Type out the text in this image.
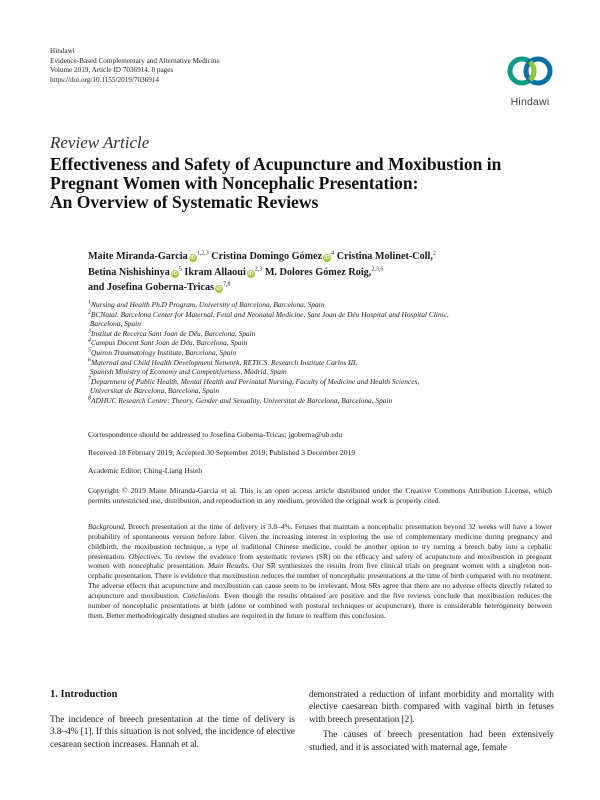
Hindawi
Evidence-Based Complementary and Alternative Medicine
Volume 2019, Article ID 7036914, 8 pages
https://doi.org/10.1155/2019/7036914
Hindawi
Review Article
Effectiveness and Safety of Acupuncture and Moxibustion in
Pregnant Women with Noncephalic Presentation:
An Overview of Systematic Reviews
Maite Miranda-Garcia iD$^{1,2,3}$ Cristina Domingo Gómez $iD^4$ Cristina Molinet-Coll,$^2$
Betina Nishishinya $iD^5$ Ikram Allaoui iD$^{2,3}$ M. Dolores Gómez Roig,$^{2,3,6}$
and Josefina Goberna-Tricas iD$^{7,8}$
$^1$Nursing and Health Ph.D Program, University of Barcelona, Barcelona, Spain
$^2$BCNatal. Barcelona Center for Maternal, Fetal and Neonatal Medicine, Sant Joan de Déu Hospital and Hospital Clínic,
Barcelona, Spain
$^3$Institut de Recerca Sant Joan de Déu, Barcelona, Spain
$^4$Campus Docent Sant Joan de Déu, Barcelona, Spain
$^5$Quiron Traumatology Institute, Barcelona, Spain
$^6$Maternal and Child Health Development Network, RETICS. Research Institute Carlos III,
Spanish Ministry of Economy and Competitiveness, Madrid, Spain
$^7$Department of Public Health, Mental Health and Perinatal Nursing, Faculty of Medicine and Health Sciences,
Universitat de Barcelona, Barcelona, Spain
$^8$ADHUC Research Centre: Theory, Gender and Sexuality, Universitat de Barcelona, Barcelona, Spain
Correspondence should be addressed to Josefina Goberna-Tricas; jgoberna@ub.edu
Received 18 February 2019; Accepted 30 September 2019; Published 3 December 2019
Academic Editor: Ching-Liang Hsieh
Copyright © 2019 Maite Miranda-Garcia et al. This is an open access article distributed under the Creative Commons Attribution License, which permits unrestricted use, distribution, and reproduction in any medium, provided the original work is properly cited.
Background. Breech presentation at the time of delivery is 3.8–4%. Fetuses that maintain a noncephalic presentation beyond 32 weeks will have a lower probability of spontaneous version before labor. Given the increasing interest in exploring the use of complementary medicine during pregnancy and childbirth, the moxibustion technique, a type of traditional Chinese medicine, could be another option to try turning a breech baby into a cephalic presentation. Objectives. To review the evidence from systematic reviews (SR) on the efficacy and safety of acupuncture and moxibustion in pregnant women with noncephalic presentation. Main Results. Our SR synthesizes the results from five clinical trials on pregnant women with a singleton non-cephalic presentation. There is evidence that moxibustion reduces the number of noncephalic presentations at the time of birth compared with no treatment. The adverse effects that acupuncture and moxibustion can cause seem to be irrelevant. Most SRs agree that there are no adverse effects directly related to acupuncture and moxibustion. Conclusions. Even though the results obtained are positive and the five reviews conclude that moxibustion reduces the number of noncephalic presentations at birth (alone or combined with postural techniques or acupuncture), there is considerable heterogeneity between them. Better methodologically designed studies are required in the future to reaffirm this conclusion.
1. Introduction
The incidence of breech presentation at the time of delivery is 3.8–4% [1]. If this situation is not solved, the incidence of elective cesarean section increases. Hannah et al.
demonstrated a reduction of infant morbidity and mortality with elective caesarean birth compared with vaginal birth in fetuses with breech presentation [2].
The causes of breech presentation had been extensively studied, and it is associated with maternal age, female
